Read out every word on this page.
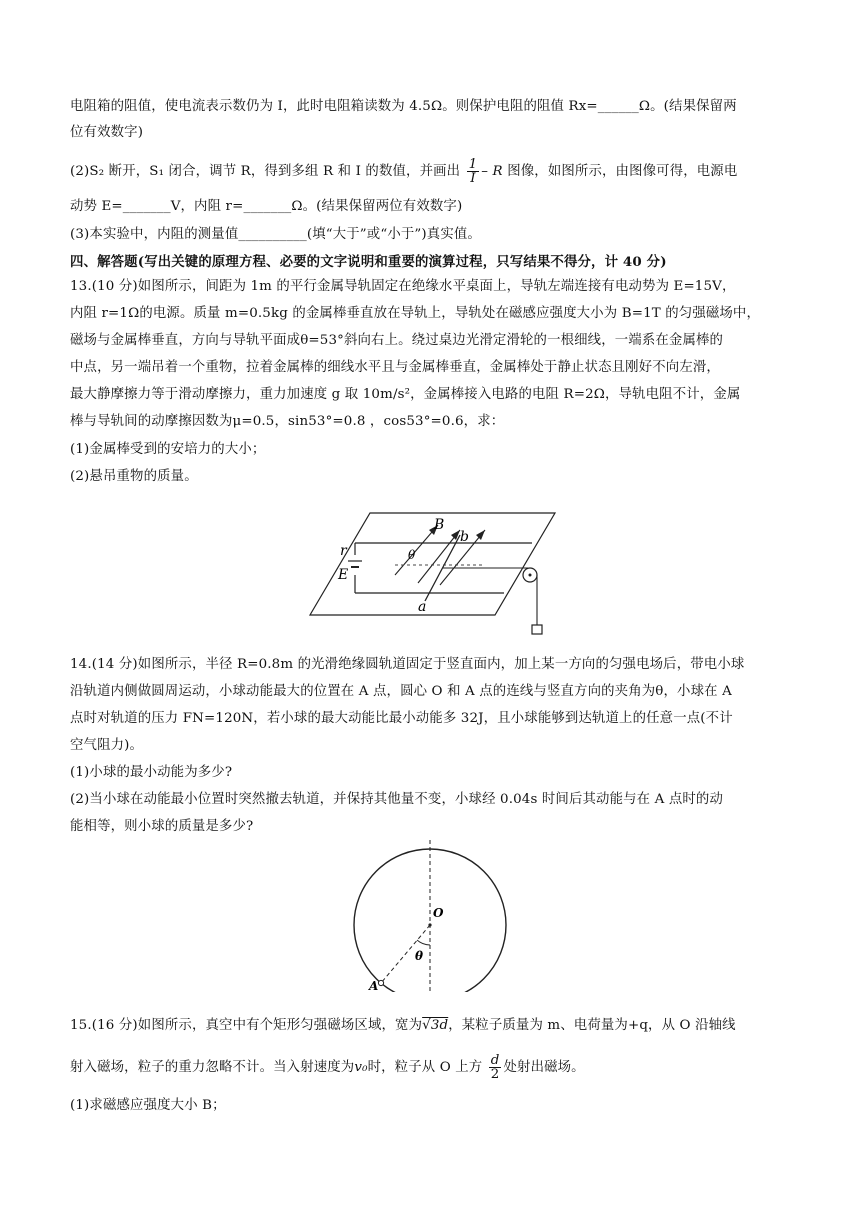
电阻箱的阻值，使电流表示数仍为 I，此时电阻箱读数为 4.5Ω。则保护电阻的阻值 Rx=______Ω。(结果保留两
位有效数字)
(2)S₂ 断开，S₁ 闭合，调节 R，得到多组 R 和 I 的数值，并画出 $\frac{1}{I}$ – R 图像，如图所示，由图像可得，电源电
动势 E=_______V，内阻 r=_______Ω。(结果保留两位有效数字)
(3)本实验中，内阻的测量值__________(填“大于”或“小于”)真实值。
四、解答题(写出关键的原理方程、必要的文字说明和重要的演算过程，只写结果不得分，计 40 分)
13.(10 分)如图所示，间距为 1m 的平行金属导轨固定在绝缘水平桌面上，导轨左端连接有电动势为 E=15V，
内阻 r=1Ω的电源。质量 m=0.5kg 的金属棒垂直放在导轨上，导轨处在磁感应强度大小为 B=1T 的匀强磁场中，
磁场与金属棒垂直，方向与导轨平面成θ=53°斜向右上。绕过桌边光滑定滑轮的一根细线，一端系在金属棒的
中点，另一端吊着一个重物，拉着金属棒的细线水平且与金属棒垂直，金属棒处于静止状态且刚好不向左滑，
最大静摩擦力等于滑动摩擦力，重力加速度 g 取 10m/s²，金属棒接入电路的电阻 R=2Ω，导轨电阻不计，金属
棒与导轨间的动摩擦因数为μ=0.5，sin53°=0.8 ，cos53°=0.6，求：
(1)金属棒受到的安培力的大小；
(2)悬吊重物的质量。
r
E
θ
B
b
a
14.(14 分)如图所示，半径 R=0.8m 的光滑绝缘圆轨道固定于竖直面内，加上某一方向的匀强电场后，带电小球
沿轨道内侧做圆周运动，小球动能最大的位置在 A 点，圆心 O 和 A 点的连线与竖直方向的夹角为θ，小球在 A
点时对轨道的压力 FN=120N，若小球的最大动能比最小动能多 32J，且小球能够到达轨道上的任意一点(不计
空气阻力)。
(1)小球的最小动能为多少?
(2)当小球在动能最小位置时突然撤去轨道，并保持其他量不变，小球经 0.04s 时间后其动能与在 A 点时的动
能相等，则小球的质量是多少?
O
θ
A
15.(16 分)如图所示，真空中有个矩形匀强磁场区域，宽为√3d，某粒子质量为 m、电荷量为+q，从 O 沿轴线
射入磁场，粒子的重力忽略不计。当入射速度为v₀时，粒子从 O 上方 $\frac{d}{2}$ 处射出磁场。
(1)求磁感应强度大小 B；
